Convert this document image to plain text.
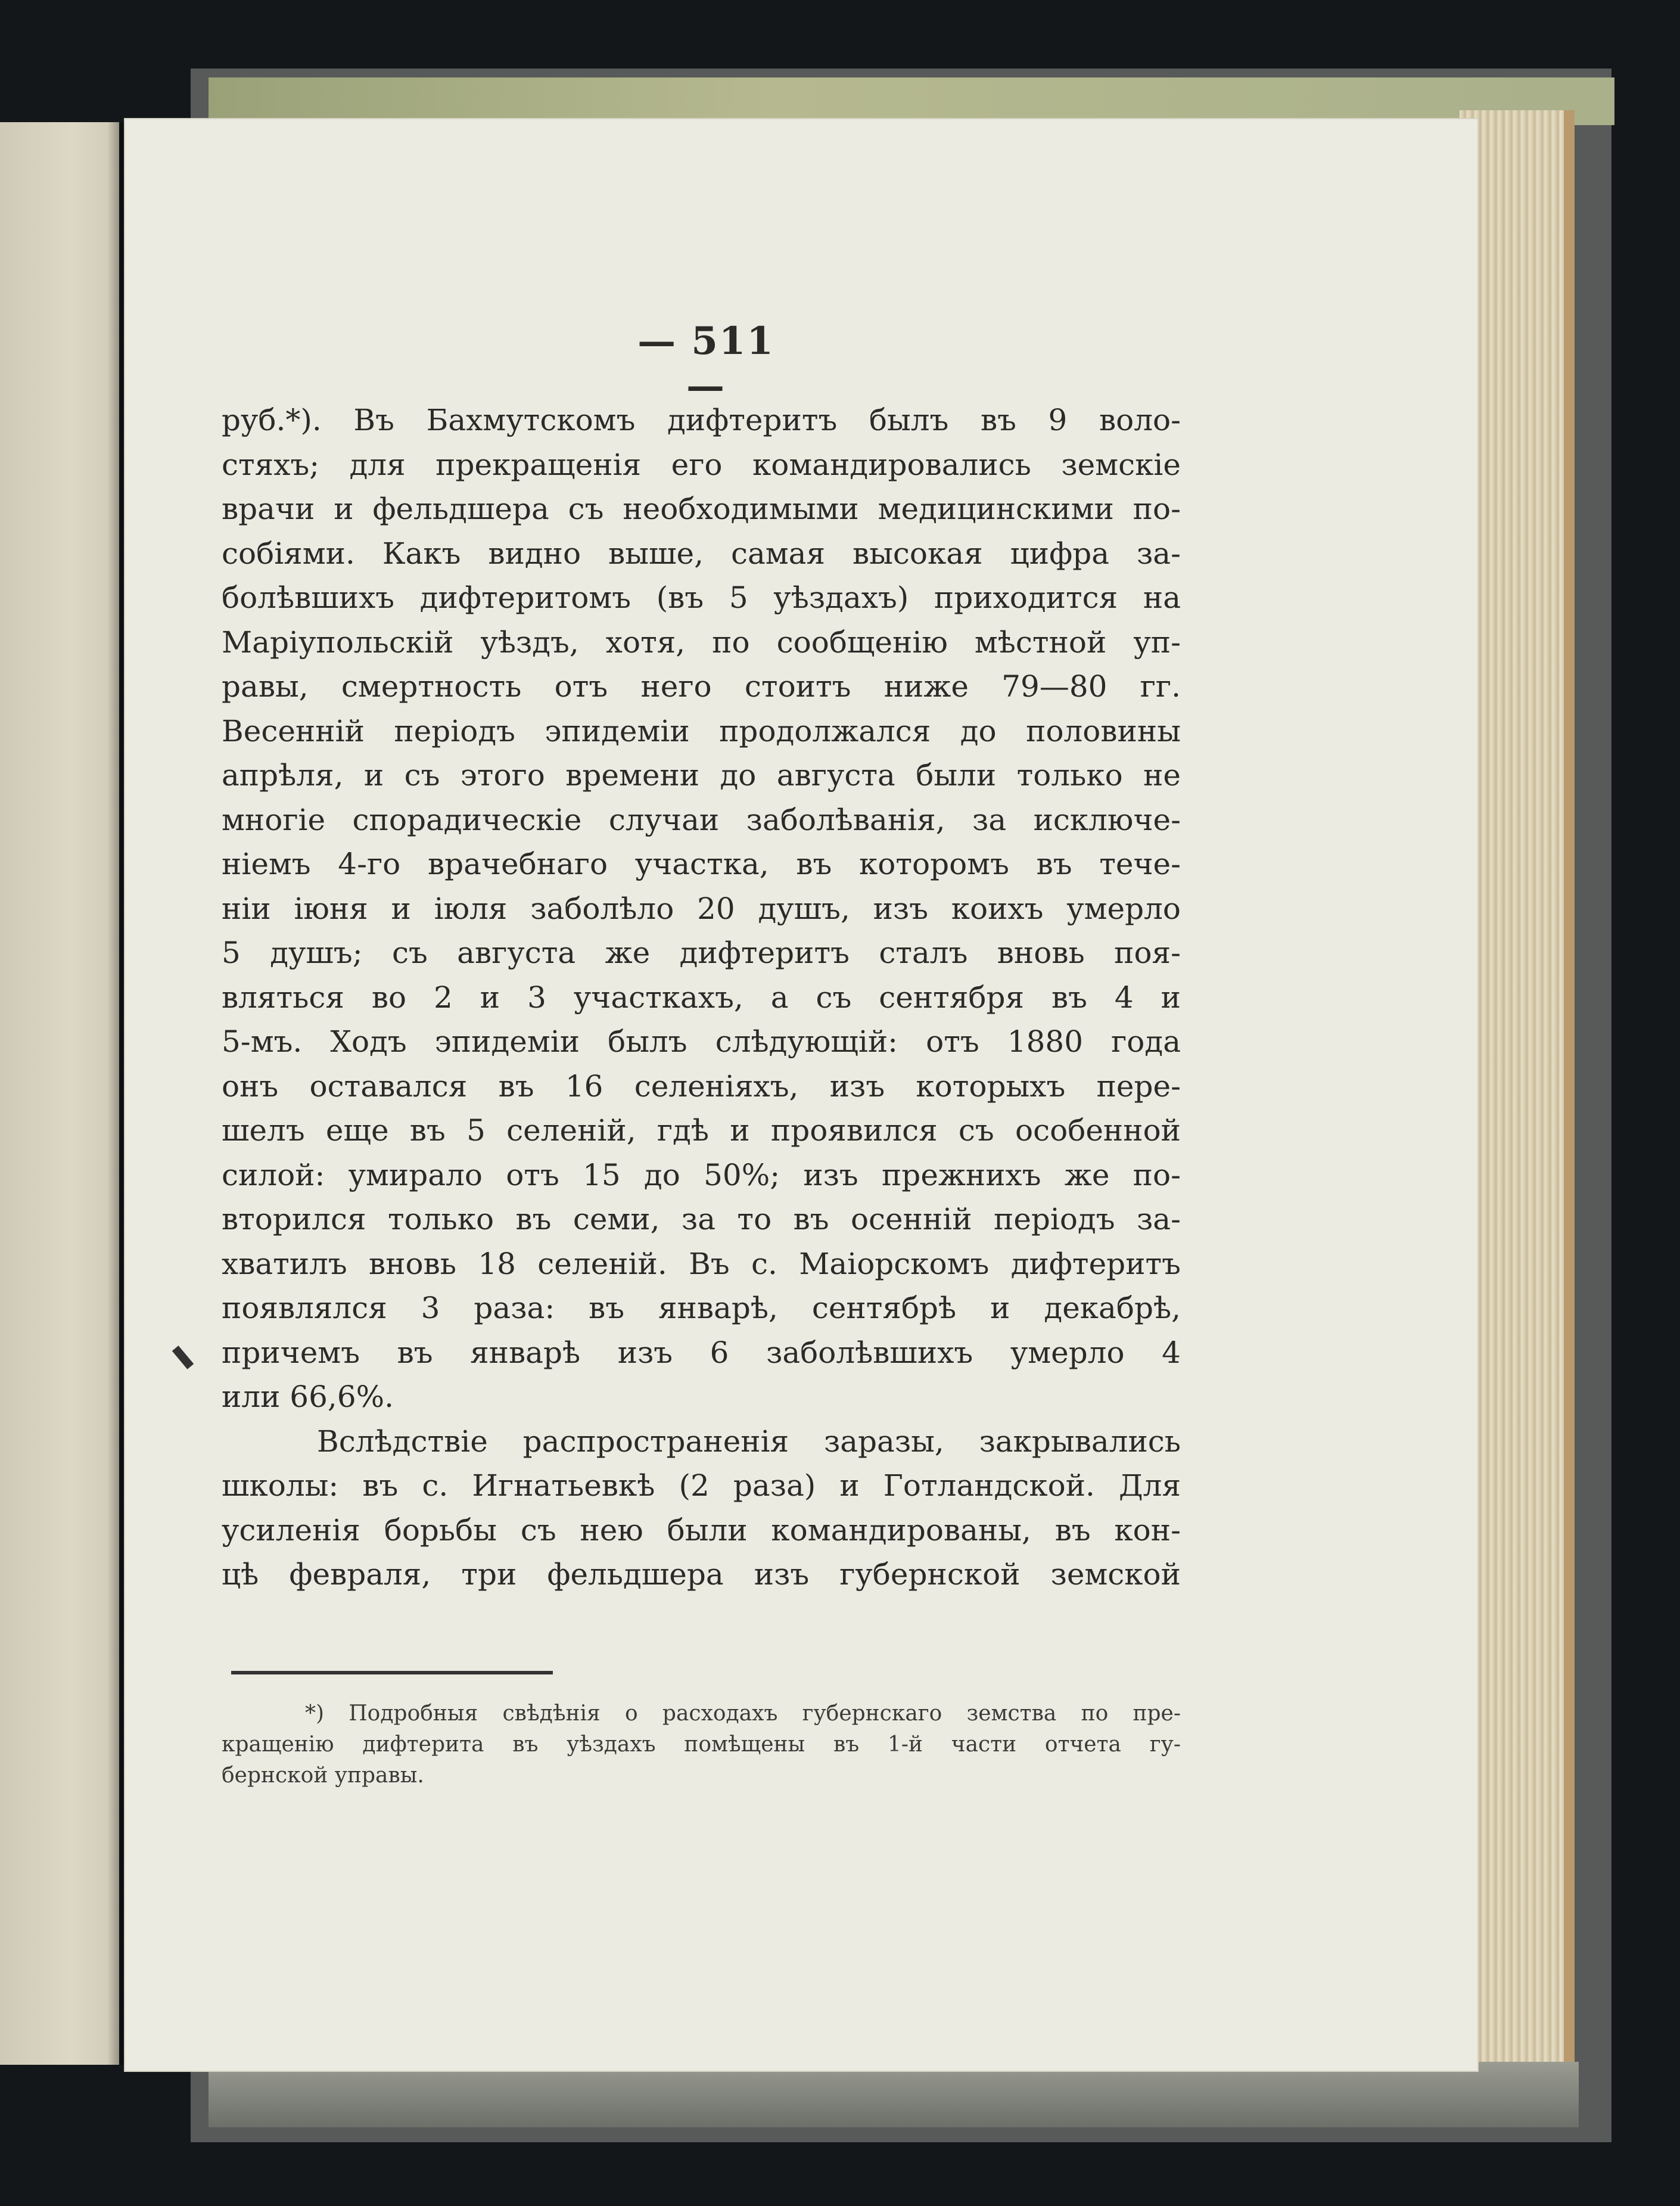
— 511 —
руб.*). Въ Бахмутскомъ дифтеритъ былъ въ 9 воло-
стяхъ; для прекращенія его командировались земскіе
врачи и фельдшера съ необходимыми медицинскими по-
собіями. Какъ видно выше, самая высокая цифра за-
болѣвшихъ дифтеритомъ (въ 5 уѣздахъ) приходится на
Маріупольскій уѣздъ, хотя, по сообщенію мѣстной уп-
равы, смертность отъ него стоитъ ниже 79—80 гг.
Весенній періодъ эпидеміи продолжался до половины
апрѣля, и съ этого времени до августа были только не
многіе спорадическіе случаи заболѣванія, за исключе-
ніемъ 4-го врачебнаго участка, въ которомъ въ тече-
ніи іюня и іюля заболѣло 20 душъ, изъ коихъ умерло
5 душъ; съ августа же дифтеритъ сталъ вновь поя-
вляться во 2 и 3 участкахъ, а съ сентября въ 4 и
5-мъ. Ходъ эпидеміи былъ слѣдующій: отъ 1880 года
онъ оставался въ 16 селеніяхъ, изъ которыхъ пере-
шелъ еще въ 5 селеній, гдѣ и проявился съ особенной
силой: умирало отъ 15 до 50%; изъ прежнихъ же по-
вторился только въ семи, за то въ осенній періодъ за-
хватилъ вновь 18 селеній. Въ с. Маіорскомъ дифтеритъ
появлялся 3 раза: въ январѣ, сентябрѣ и декабрѣ,
причемъ въ январѣ изъ 6 заболѣвшихъ умерло 4
или 66,6%.
Вслѣдствіе распространенія заразы, закрывались
школы: въ с. Игнатьевкѣ (2 раза) и Готландской. Для
усиленія борьбы съ нею были командированы, въ кон-
цѣ февраля, три фельдшера изъ губернской земской
*) Подробныя свѣдѣнія о расходахъ губернскаго земства по пре-
кращенію дифтерита въ уѣздахъ помѣщены въ 1-й части отчета гу-
бернской управы.
